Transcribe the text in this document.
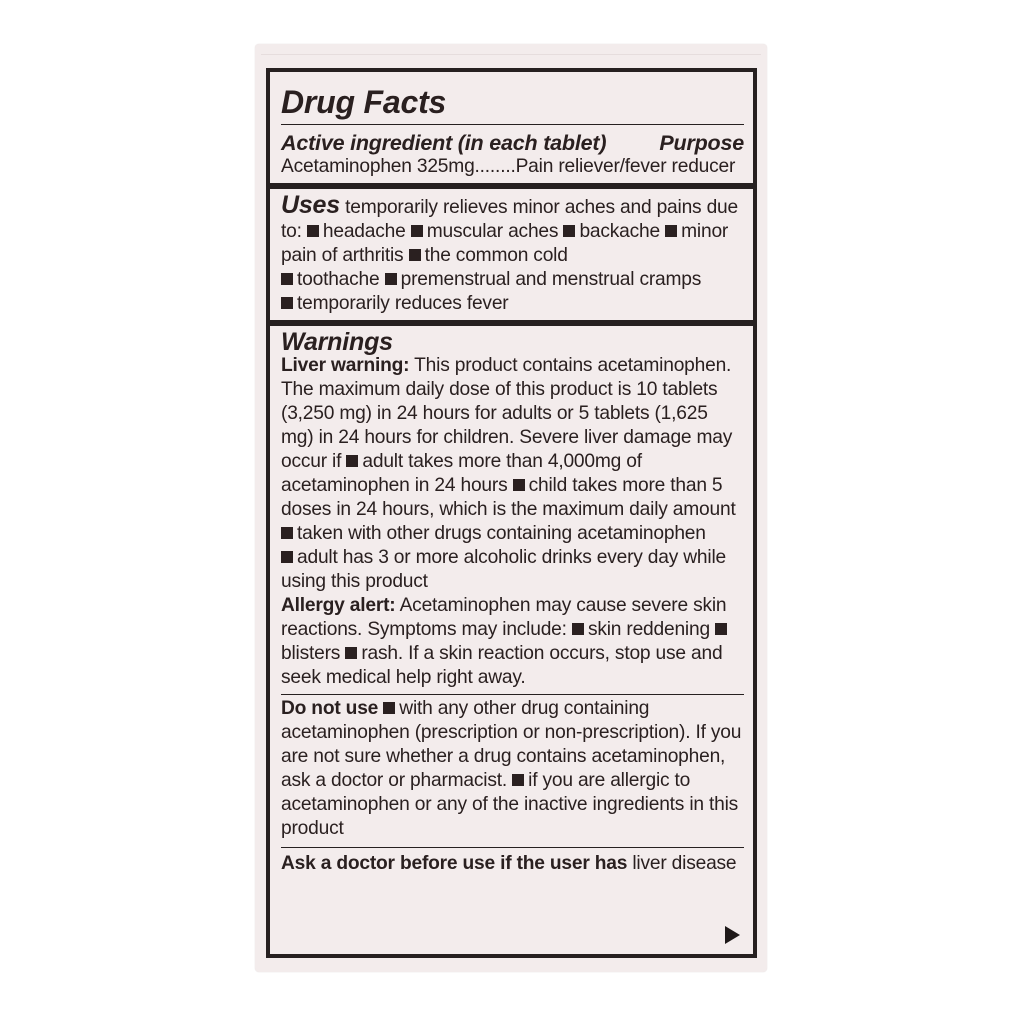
Drug Facts
Active ingredient (in each tablet) Purpose
Acetaminophen 325mg........Pain reliever/fever reducer

Uses temporarily relieves minor aches and pains due to: headache muscular aches backache minor pain of arthritis the common cold
toothache premenstrual and menstrual cramps
temporarily reduces fever

Warnings

Liver warning: This product contains acetaminophen. The maximum daily dose of this product is 10 tablets (3,250 mg) in 24 hours for adults or 5 tablets (1,625 mg) in 24 hours for children. Severe liver damage may occur if adult takes more than 4,000mg of acetaminophen in 24 hours child takes more than 5 doses in 24 hours, which is the maximum daily amount
taken with other drugs containing acetaminophen
adult has 3 or more alcoholic drinks every day while using this product

Allergy alert: Acetaminophen may cause severe skin reactions. Symptoms may include: skin reddening blisters rash. If a skin reaction occurs, stop use and seek medical help right away.

Do not use with any other drug containing acetaminophen (prescription or non-prescription). If you are not sure whether a drug contains acetaminophen, ask a doctor or pharmacist. if you are allergic to acetaminophen or any of the inactive ingredients in this product

Ask a doctor before use if the user has liver disease
